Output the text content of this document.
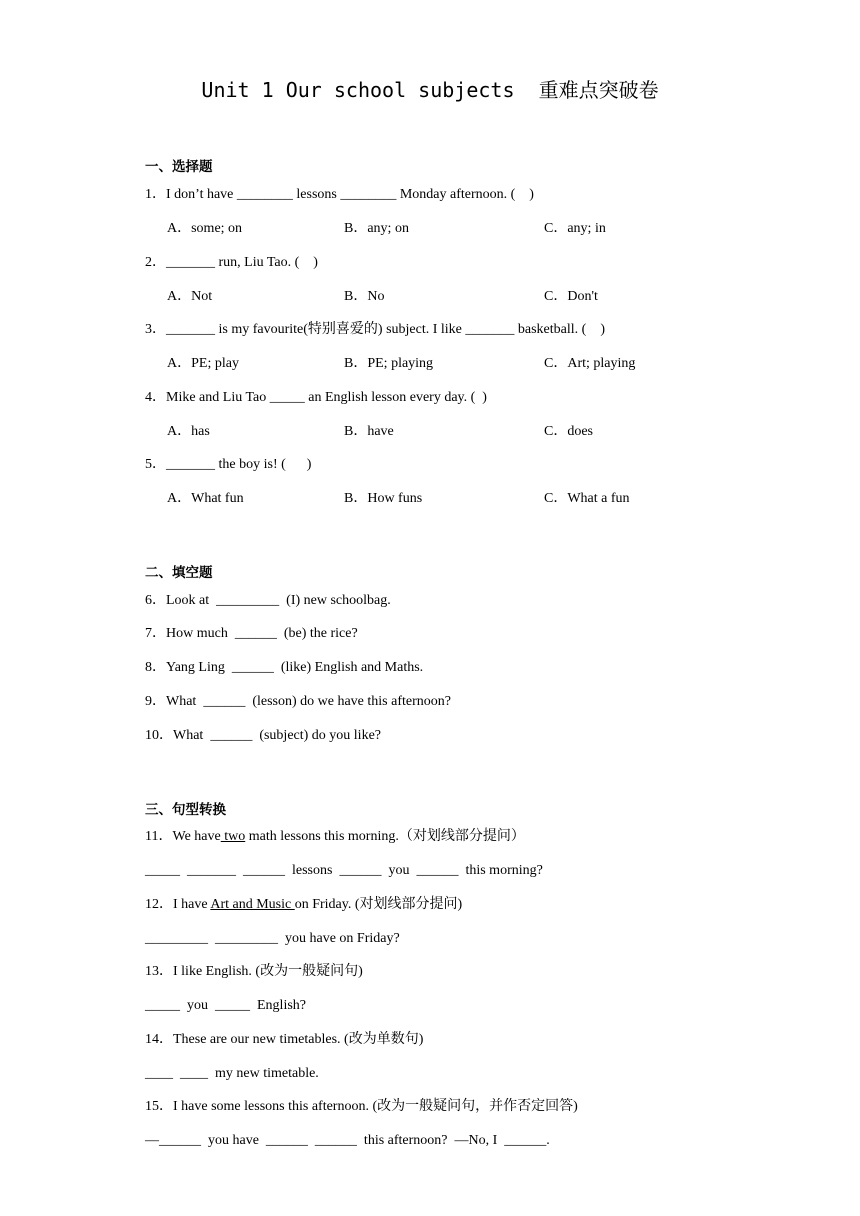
Unit 1 Our school subjects  重难点突破卷
一、选择题
1．I don’t have ________ lessons ________ Monday afternoon. (　)
A．some; on	B．any; on	C．any; in
2．_______ run, Liu Tao. (　)
A．Not	B．No	C．Don't
3．_______ is my favourite(特别喜爱的) subject. I like _______ basketball. (　)
A．PE; play	B．PE; playing	C．Art; playing
4．Mike and Liu Tao _____ an English lesson every day. (  )
A．has	B．have	C．does
5．_______ the boy is! (　  )
A．What fun	B．How funs	C．What a fun
二、填空题
6．Look at  _________  (I) new schoolbag.
7．How much  ______  (be) the rice?
8．Yang Ling  ______  (like) English and Maths.
9．What  ______  (lesson) do we have this afternoon?
10．What  ______  (subject) do you like?
三、句型转换
11．We have two math lessons this morning.（对划线部分提问）
_____  _______  ______  lessons  ______  you  ______  this morning?
12．I have Art and Music on Friday. (对划线部分提问)
_________  _________  you have on Friday?
13．I like English. (改为一般疑问句)
_____  you  _____  English?
14．These are our new timetables. (改为单数句)
____  ____  my new timetable.
15．I have some lessons this afternoon. (改为一般疑问句，并作否定回答)
—______  you have  ______  ______  this afternoon?  —No, I  ______.
